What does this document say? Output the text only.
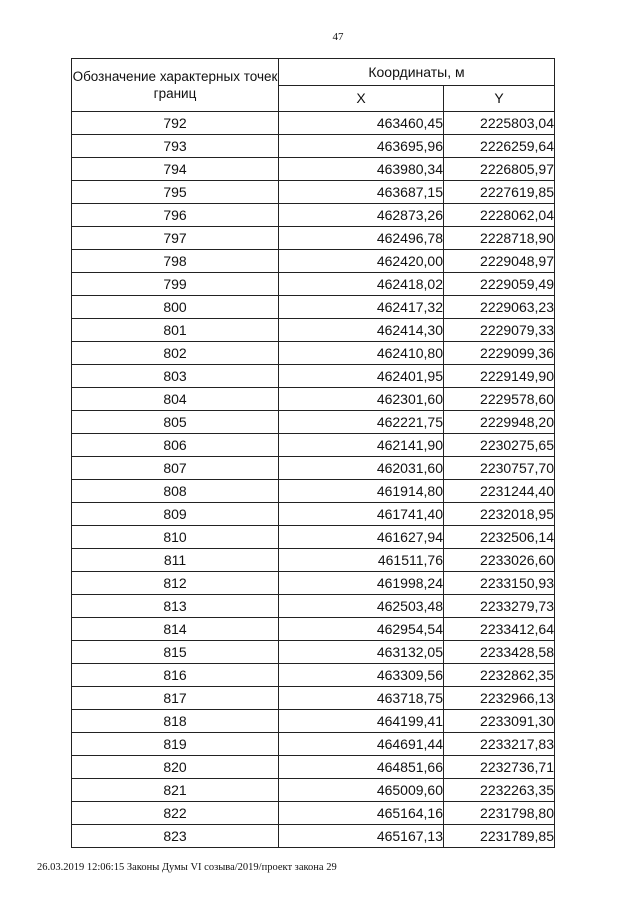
47
Обозначение характерных точек границ	Координаты, м	
	X	Y
792	463460,45	2225803,04
793	463695,96	2226259,64
794	463980,34	2226805,97
795	463687,15	2227619,85
796	462873,26	2228062,04
797	462496,78	2228718,90
798	462420,00	2229048,97
799	462418,02	2229059,49
800	462417,32	2229063,23
801	462414,30	2229079,33
802	462410,80	2229099,36
803	462401,95	2229149,90
804	462301,60	2229578,60
805	462221,75	2229948,20
806	462141,90	2230275,65
807	462031,60	2230757,70
808	461914,80	2231244,40
809	461741,40	2232018,95
810	461627,94	2232506,14
811	461511,76	2233026,60
812	461998,24	2233150,93
813	462503,48	2233279,73
814	462954,54	2233412,64
815	463132,05	2233428,58
816	463309,56	2232862,35
817	463718,75	2232966,13
818	464199,41	2233091,30
819	464691,44	2233217,83
820	464851,66	2232736,71
821	465009,60	2232263,35
822	465164,16	2231798,80
823	465167,13	2231789,85
26.03.2019 12:06:15 Законы Думы VI созыва/2019/проект закона 29
